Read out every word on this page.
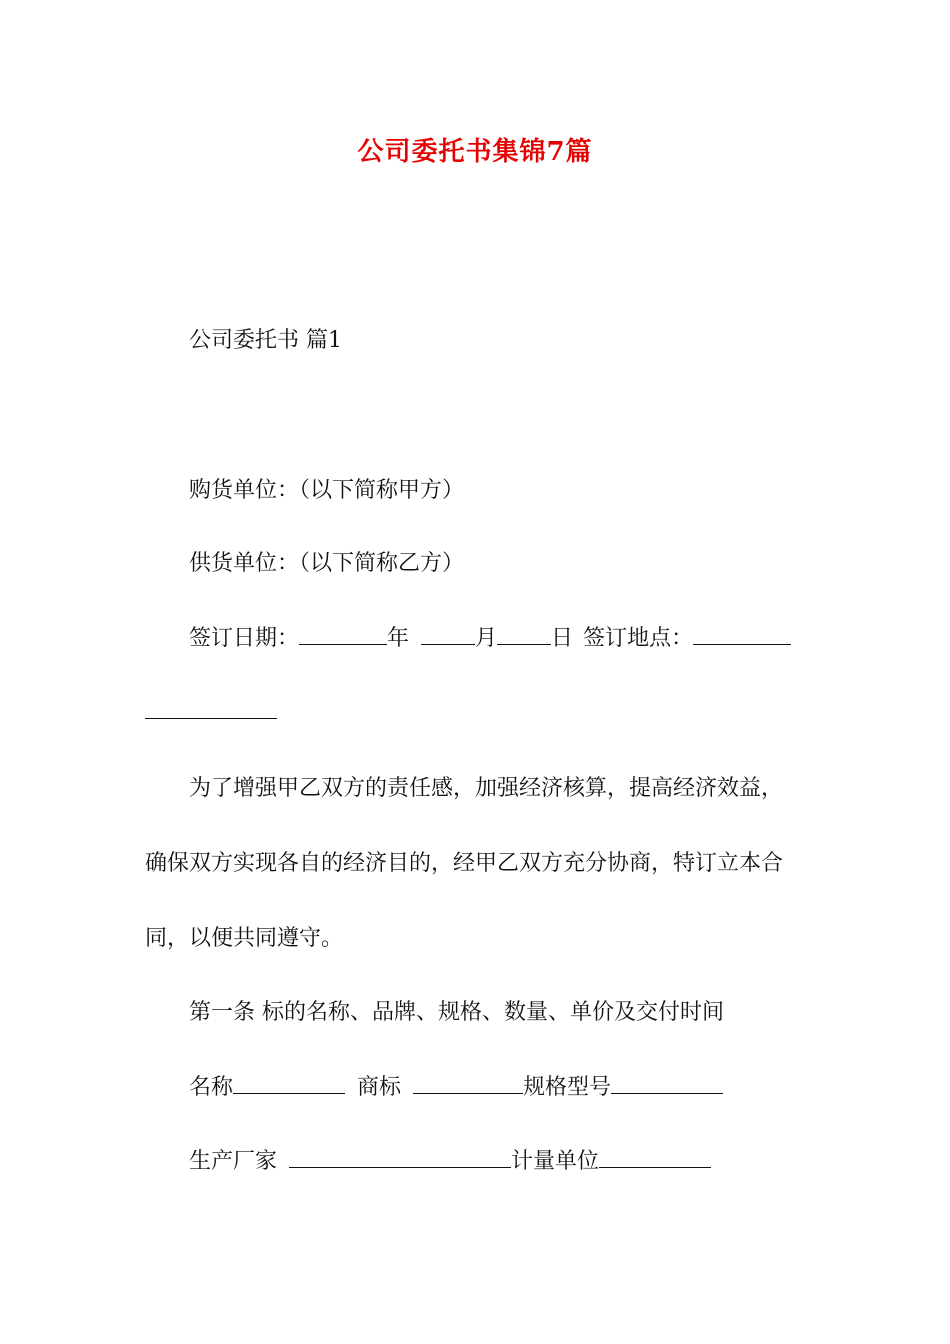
公司委托书集锦7篇
公司委托书 篇1
购货单位：（以下简称甲方）
供货单位：（以下简称乙方）
签订日期：	年	月 日 签订地点：
为了增强甲乙双方的责任感，加强经济核算，提高经济效益，
确保双方实现各自的经济目的，经甲乙双方充分协商，特订立本合
同，以便共同遵守。
第一条 标的名称、品牌、规格、数量、单价及交付时间
名称	商标	规格型号
生产厂家	计量单位
